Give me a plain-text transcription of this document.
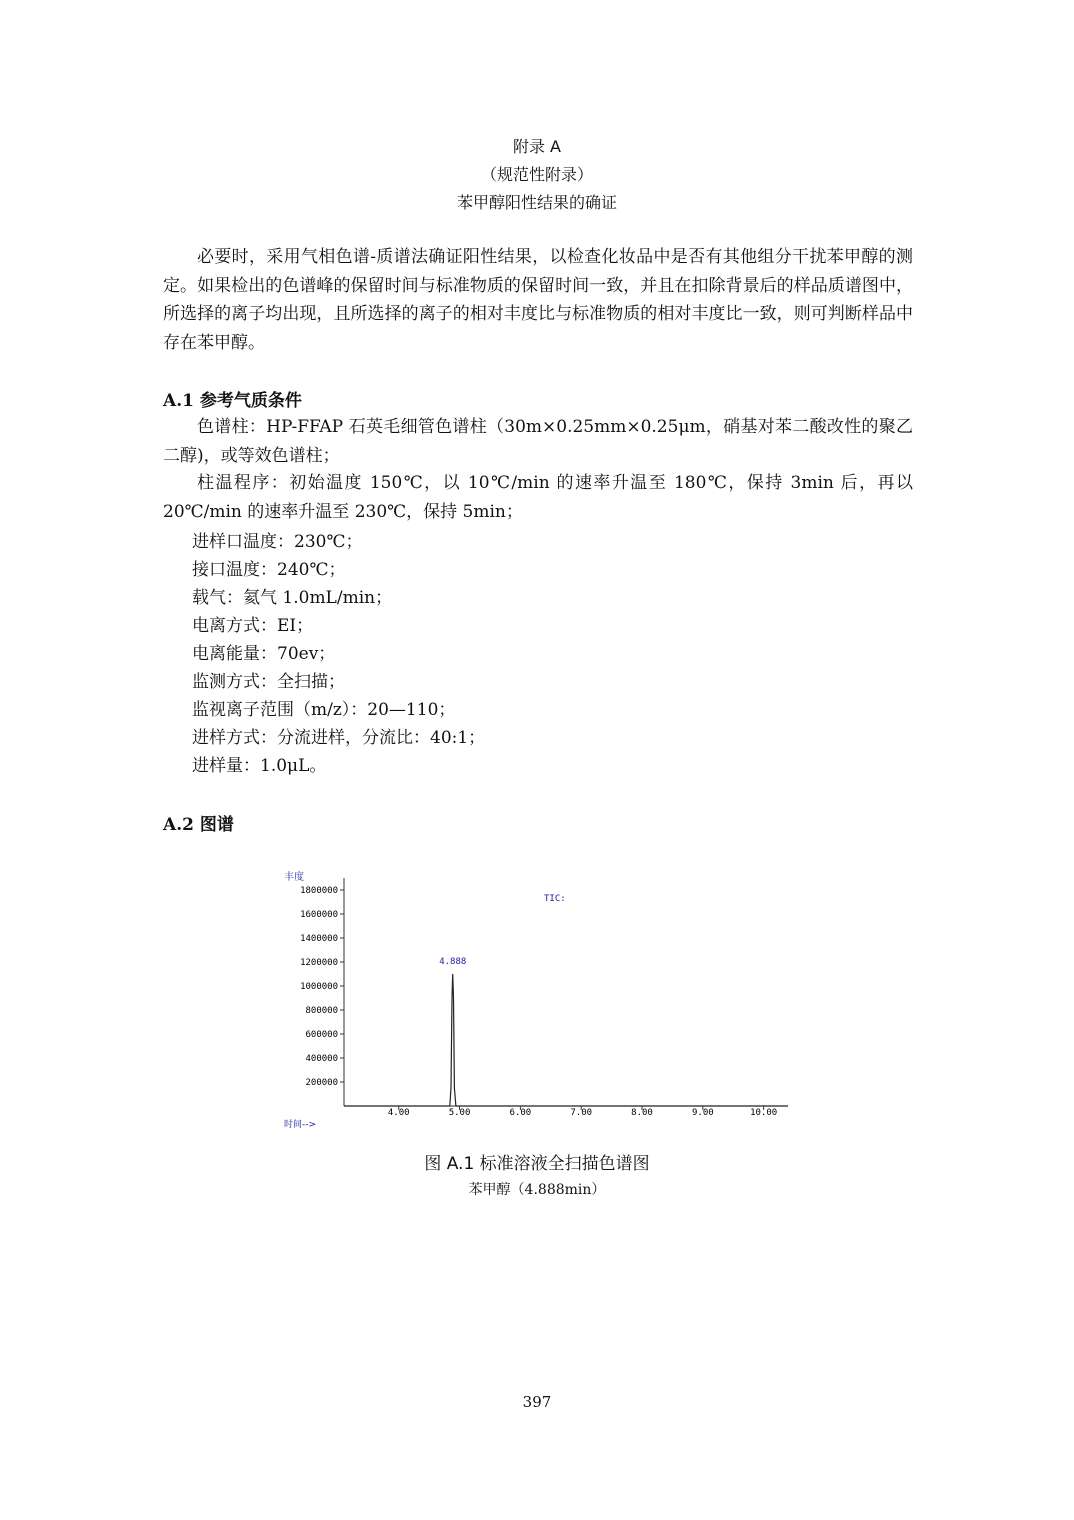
附录 A
（规范性附录）
苯甲醇阳性结果的确证
必要时，采用气相色谱-质谱法确证阳性结果，以检查化妆品中是否有其他组分干扰苯甲醇的测定。如果检出的色谱峰的保留时间与标准物质的保留时间一致，并且在扣除背景后的样品质谱图中，所选择的离子均出现，且所选择的离子的相对丰度比与标准物质的相对丰度比一致，则可判断样品中存在苯甲醇。
A.1 参考气质条件
色谱柱：HP-FFAP 石英毛细管色谱柱（30m×0.25mm×0.25μm，硝基对苯二酸改性的聚乙二醇)，或等效色谱柱；
柱温程序：初始温度 150℃，以 10℃/min 的速率升温至 180℃，保持 3min 后，再以 20℃/min 的速率升温至 230℃，保持 5min；
进样口温度：230℃；
接口温度：240℃；
载气：氦气 1.0mL/min；
电离方式：EI；
电离能量：70ev；
监测方式：全扫描；
监视离子范围（m/z）：20—110；
进样方式：分流进样，分流比：40:1；
进样量：1.0μL。
A.2 图谱
丰度
TIC:
时间-->
4.888
4.00	5.00	6.00	7.00	8.00	9.00	10.00
200000
400000
600000
800000
1000000
1200000
1400000
1600000
1800000
图 A.1 标准溶液全扫描色谱图
苯甲醇（4.888min）
397
